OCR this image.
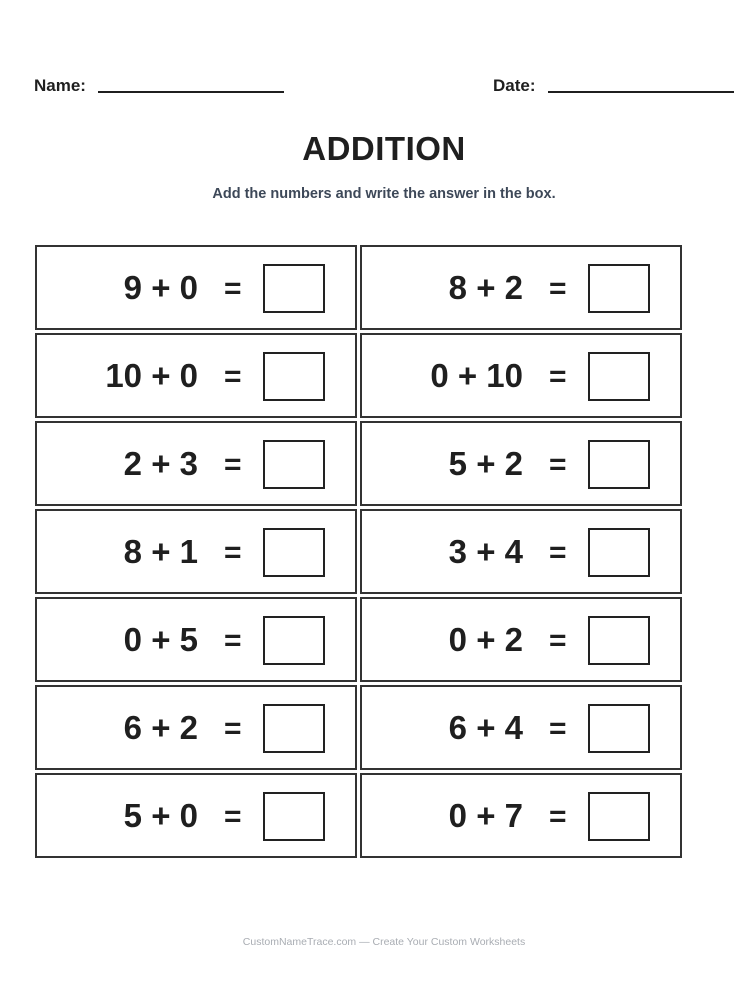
Name:	Date:
ADDITION
Add the numbers and write the answer in the box.
9 + 0 =	8 + 2 =
10 + 0 =	0 + 10 =
2 + 3 =	5 + 2 =
8 + 1 =	3 + 4 =
0 + 5 =	0 + 2 =
6 + 2 =	6 + 4 =
5 + 0 =	0 + 7 =
CustomNameTrace.com — Create Your Custom Worksheets
